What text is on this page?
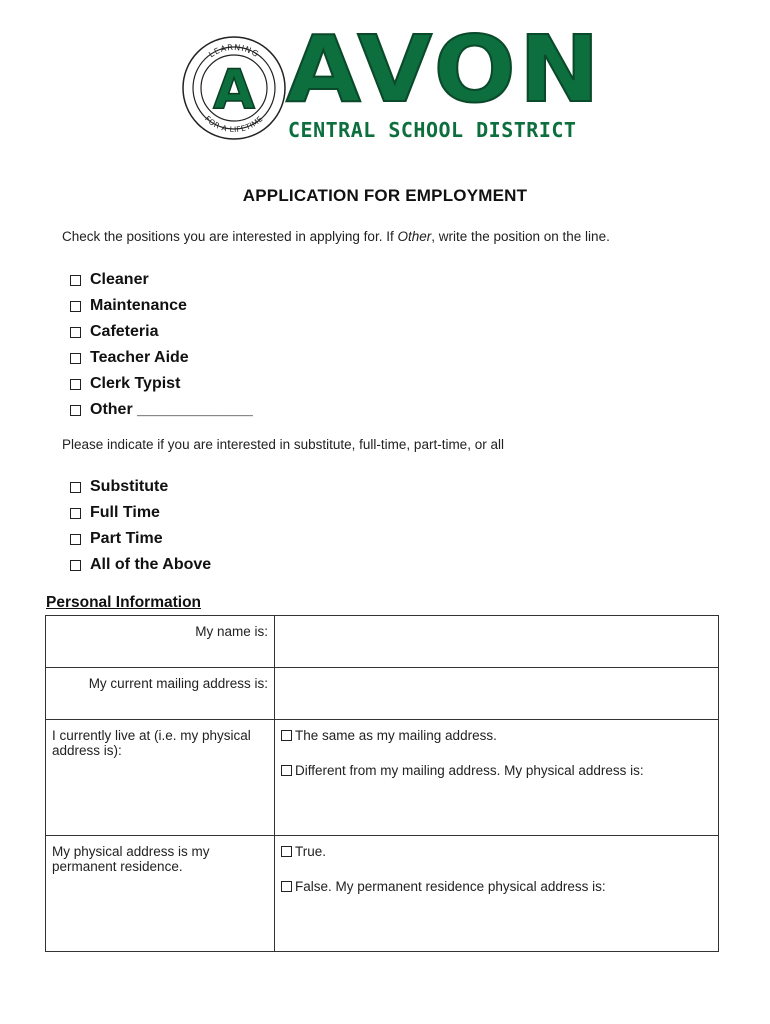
LEARNING
FOR A LIFETIME
A AVON
CENTRAL SCHOOL DISTRICT
APPLICATION FOR EMPLOYMENT
Check the positions you are interested in applying for. If Other, write the position on the line.
Cleaner
Maintenance
Cafeteria
Teacher Aide
Clerk Typist
Other _____________
Please indicate if you are interested in substitute, full-time, part-time, or all
Substitute
Full Time
Part Time
All of the Above
Personal Information
My name is:	
My current mailing address is:	
I currently live at (i.e. my physical address is):	The same as my mailing address.
Different from my mailing address. My physical address is:

My physical address is my permanent residence.	True.
False. My permanent residence physical address is:
